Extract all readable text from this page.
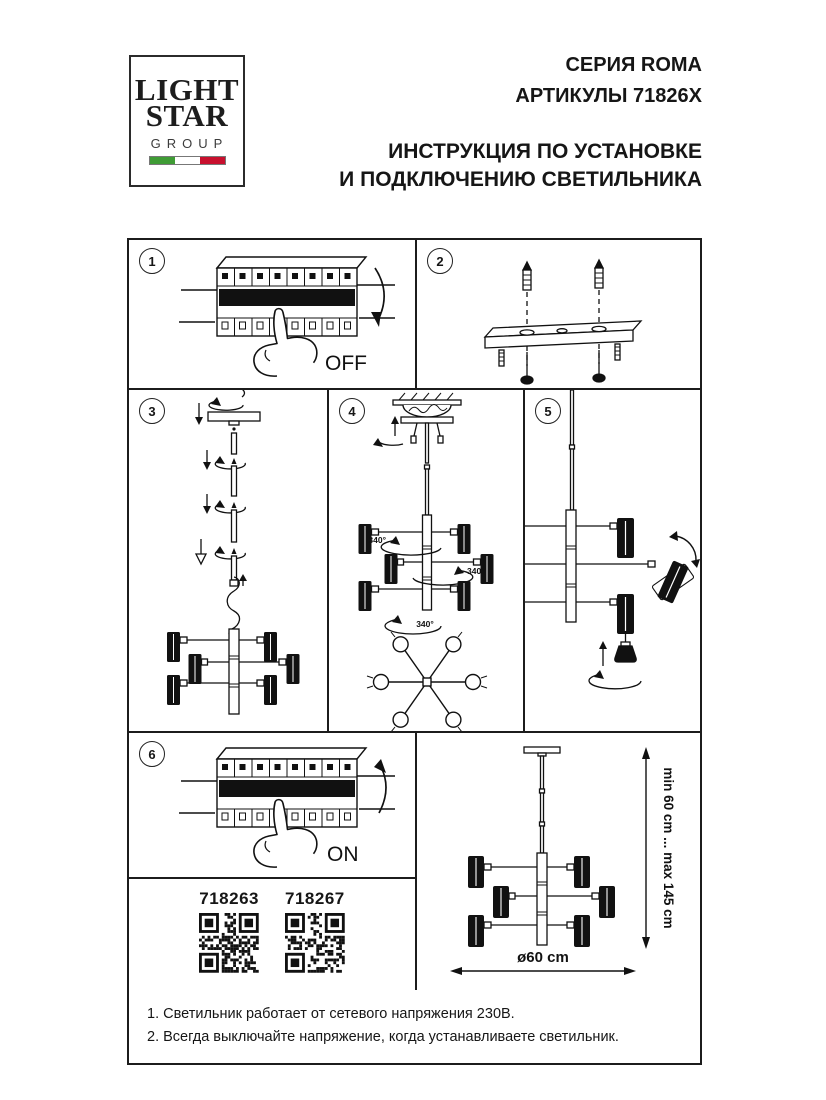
LIGHT
STAR
GROUP
СЕРИЯ ROMA
АРТИКУЛЫ 71826X
ИНСТРУКЦИЯ ПО УСТАНОВКЕ
И ПОДКЛЮЧЕНИЮ СВЕТИЛЬНИКА
1
OFF
2
3	4
340°
340°
340°
5
6
ON
718263 718267	min 60 cm ... max 145 cm
ø60 cm
1. Светильник работает от сетевого напряжения 230В.
2. Всегда выключайте напряжение, когда устанавливаете светильник.
